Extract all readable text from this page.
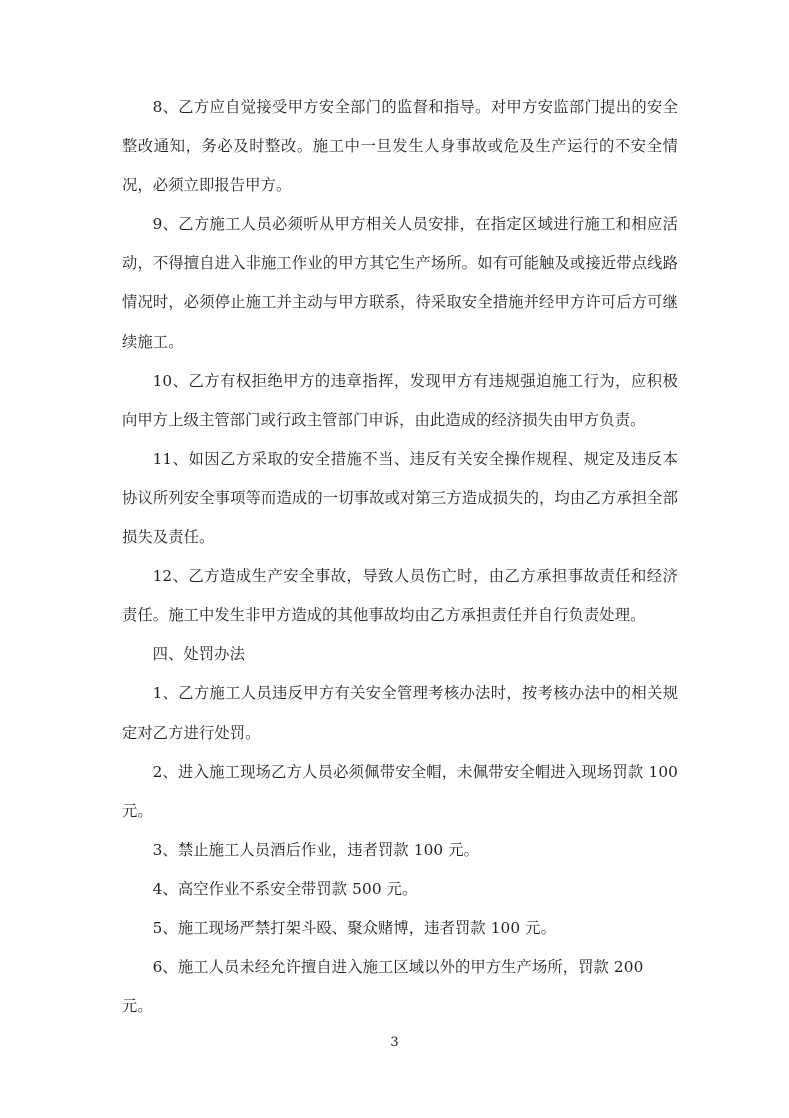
8、乙方应自觉接受甲方安全部门的监督和指导。对甲方安监部门提出的安全整改通知，务必及时整改。施工中一旦发生人身事故或危及生产运行的不安全情况，必须立即报告甲方。

9、乙方施工人员必须听从甲方相关人员安排，在指定区域进行施工和相应活动，不得擅自进入非施工作业的甲方其它生产场所。如有可能触及或接近带点线路情况时，必须停止施工并主动与甲方联系，待采取安全措施并经甲方许可后方可继续施工。

10、乙方有权拒绝甲方的违章指挥，发现甲方有违规强迫施工行为，应积极向甲方上级主管部门或行政主管部门申诉，由此造成的经济损失由甲方负责。

11、如因乙方采取的安全措施不当、违反有关安全操作规程、规定及违反本协议所列安全事项等而造成的一切事故或对第三方造成损失的，均由乙方承担全部损失及责任。

12、乙方造成生产安全事故，导致人员伤亡时，由乙方承担事故责任和经济责任。施工中发生非甲方造成的其他事故均由乙方承担责任并自行负责处理。

四、处罚办法

1、乙方施工人员违反甲方有关安全管理考核办法时，按考核办法中的相关规定对乙方进行处罚。

2、进入施工现场乙方人员必须佩带安全帽，未佩带安全帽进入现场罚款 100 元。

3、禁止施工人员酒后作业，违者罚款 100 元。

4、高空作业不系安全带罚款 500 元。

5、施工现场严禁打架斗殴、聚众赌博，违者罚款 100 元。

6、施工人员未经允许擅自进入施工区域以外的甲方生产场所，罚款 200 元。

3
